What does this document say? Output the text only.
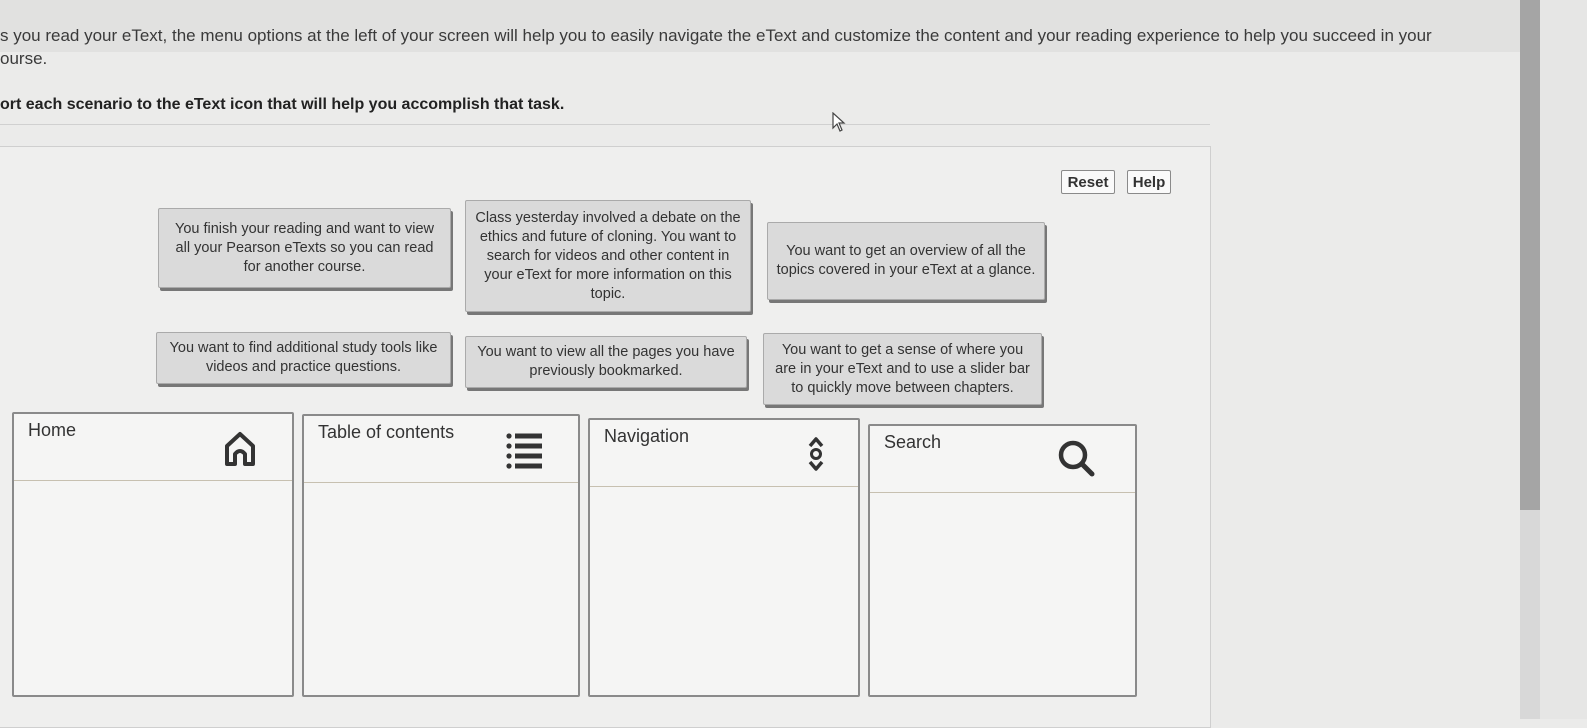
s you read your eText, the menu options at the left of your screen will help you to easily navigate the eText and customize the content and your reading experience to help you succeed in your
ourse.
ort each scenario to the eText icon that will help you accomplish that task.
Reset	Help
You finish your reading and want to view all your Pearson eTexts so you can read for another course.
Class yesterday involved a debate on the ethics and future of cloning. You want to search for videos and other content in your eText for more information on this topic.
You want to get an overview of all the topics covered in your eText at a glance.
You want to find additional study tools like videos and practice questions.
You want to view all the pages you have previously bookmarked.
You want to get a sense of where you are in your eText and to use a slider bar to quickly move between chapters.
Home	Table of contents	Navigation	Search
